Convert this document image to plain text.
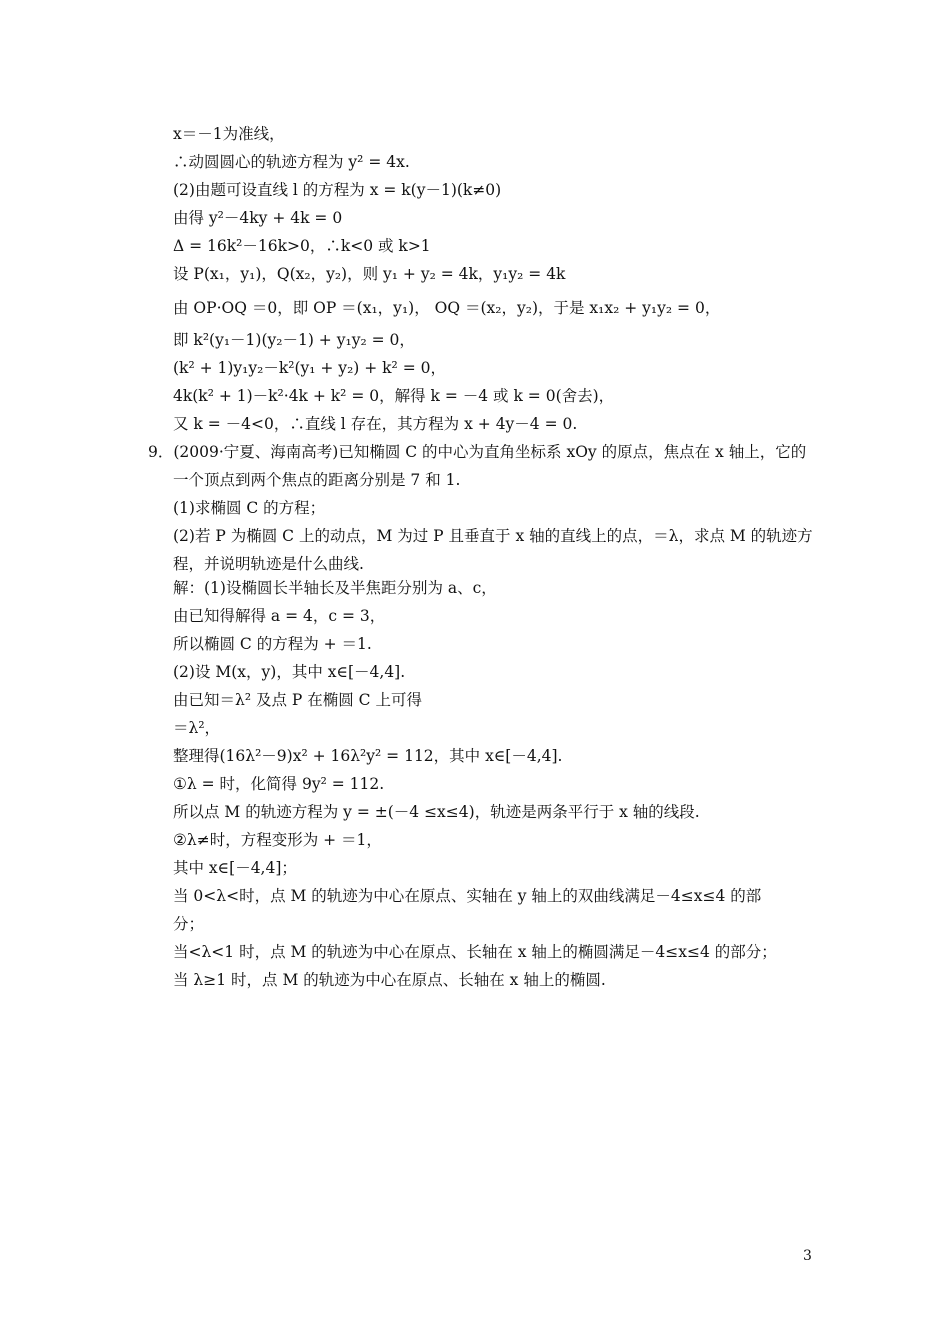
x＝－1为准线，
∴动圆圆心的轨迹方程为 y² = 4x.
(2)由题可设直线 l 的方程为 x = k(y－1)(k≠0)
由得 y²－4ky + 4k = 0
Δ = 16k²－16k>0，∴k<0 或 k>1
设 P(x₁，y₁)，Q(x₂，y₂)，则 y₁ + y₂ = 4k，y₁y₂ = 4k
由 OP·OQ ＝0，即 OP ＝(x₁，y₁)， OQ ＝(x₂，y₂)，于是 x₁x₂ + y₁y₂ = 0，
即 k²(y₁－1)(y₂－1) + y₁y₂ = 0，
(k² + 1)y₁y₂－k²(y₁ + y₂) + k² = 0，
4k(k² + 1)－k²·4k + k² = 0，解得 k = －4 或 k = 0(舍去)，
又 k = －4<0，∴直线 l 存在，其方程为 x + 4y－4 = 0.
9．(2009·宁夏、海南高考)已知椭圆 C 的中心为直角坐标系 xOy 的原点，焦点在 x 轴上，它的
一个顶点到两个焦点的距离分别是 7 和 1.
(1)求椭圆 C 的方程；
(2)若 P 为椭圆 C 上的动点，M 为过 P 且垂直于 x 轴的直线上的点，＝λ，求点 M 的轨迹方
程，并说明轨迹是什么曲线.
解：(1)设椭圆长半轴长及半焦距分别为 a、c，
由已知得解得 a = 4，c = 3，
所以椭圆 C 的方程为 + ＝1.
(2)设 M(x，y)，其中 x∈[－4,4].
由已知＝λ² 及点 P 在椭圆 C 上可得
＝λ²，
整理得(16λ²－9)x² + 16λ²y² = 112，其中 x∈[－4,4].
①λ = 时，化简得 9y² = 112.
所以点 M 的轨迹方程为 y = ±(－4 ≤x≤4)，轨迹是两条平行于 x 轴的线段.
②λ≠时，方程变形为 + ＝1，
其中 x∈[－4,4]；
当 0<λ<时，点 M 的轨迹为中心在原点、实轴在 y 轴上的双曲线满足－4≤x≤4 的部
分；
当<λ<1 时，点 M 的轨迹为中心在原点、长轴在 x 轴上的椭圆满足－4≤x≤4 的部分；
当 λ≥1 时，点 M 的轨迹为中心在原点、长轴在 x 轴上的椭圆.
3
